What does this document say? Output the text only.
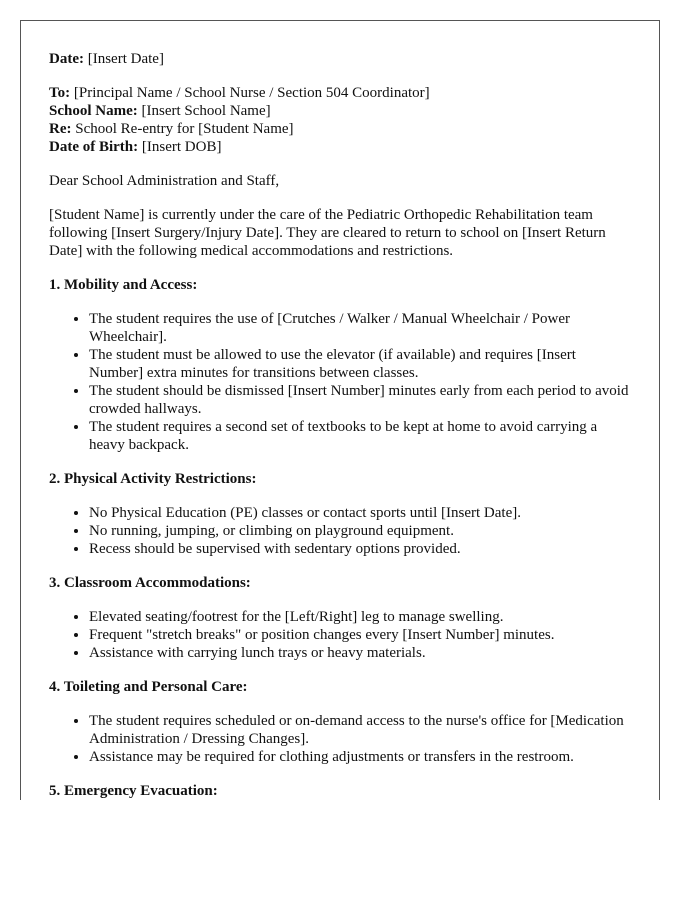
Date: [Insert Date]

To: [Principal Name / School Nurse / Section 504 Coordinator]
School Name: [Insert School Name]
Re: School Re-entry for [Student Name]
Date of Birth: [Insert DOB]

Dear School Administration and Staff,

[Student Name] is currently under the care of the Pediatric Orthopedic Rehabilitation team following [Insert Surgery/Injury Date]. They are cleared to return to school on [Insert Return Date] with the following medical accommodations and restrictions.

1. Mobility and Access:
• The student requires the use of [Crutches / Walker / Manual Wheelchair / Power Wheelchair].
• The student must be allowed to use the elevator (if available) and requires [Insert Number] extra minutes for transitions between classes.
• The student should be dismissed [Insert Number] minutes early from each period to avoid crowded hallways.
• The student requires a second set of textbooks to be kept at home to avoid carrying a heavy backpack.
2. Physical Activity Restrictions:
• No Physical Education (PE) classes or contact sports until [Insert Date].
• No running, jumping, or climbing on playground equipment.
• Recess should be supervised with sedentary options provided.
3. Classroom Accommodations:
• Elevated seating/footrest for the [Left/Right] leg to manage swelling.
• Frequent "stretch breaks" or position changes every [Insert Number] minutes.
• Assistance with carrying lunch trays or heavy materials.
4. Toileting and Personal Care:
• The student requires scheduled or on-demand access to the nurse's office for [Medication Administration / Dressing Changes].
• Assistance may be required for clothing adjustments or transfers in the restroom.
5. Emergency Evacuation:
